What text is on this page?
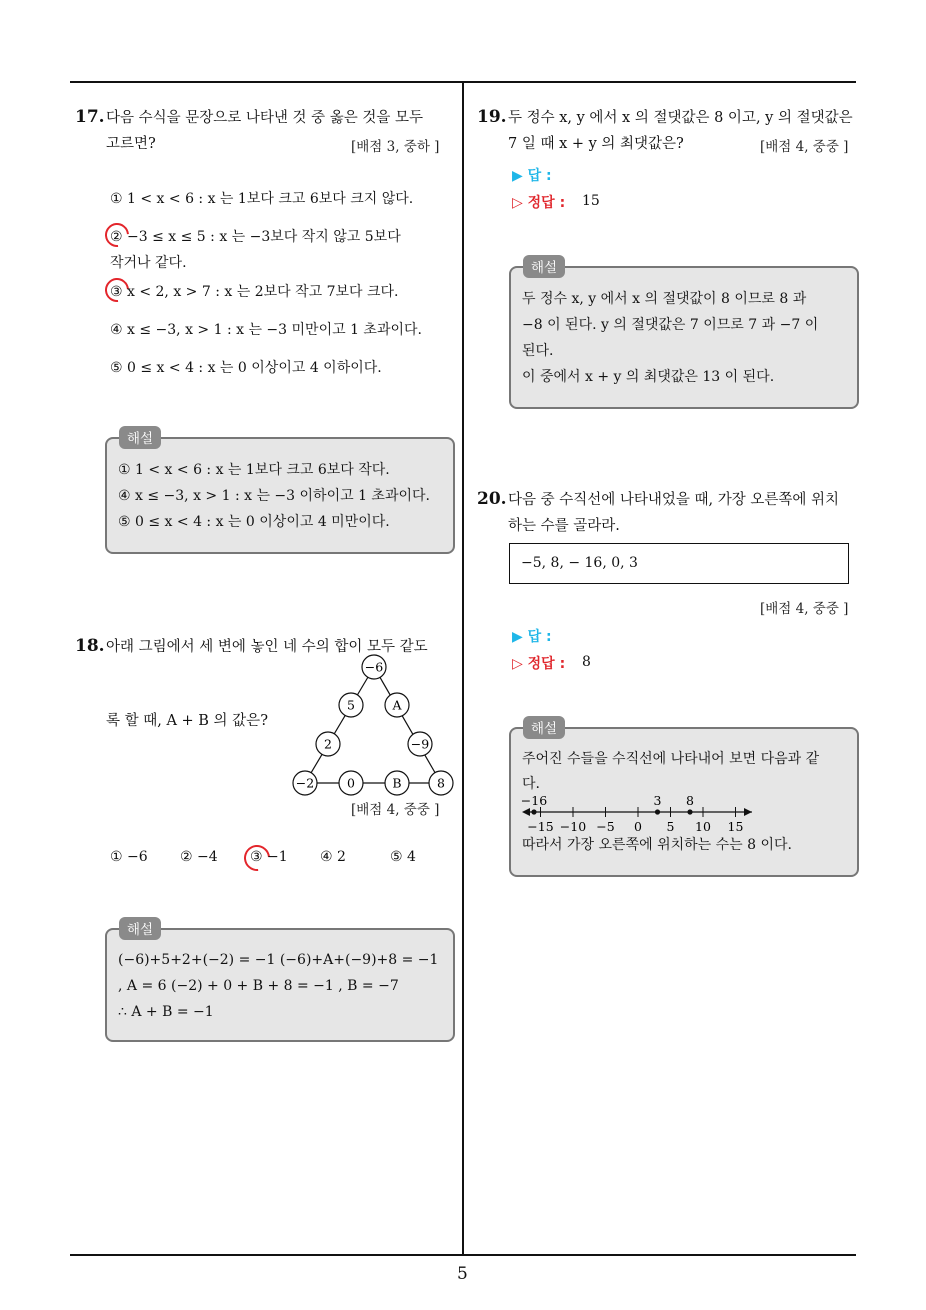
5
17. 다음 수식을 문장으로 나타낸 것 중 옳은 것을 모두
고르면?	[배점 3, 중하 ]
① 1 < x < 6 : x 는 1보다 크고 6보다 크지 않다.
② −3 ≤ x ≤ 5 : x 는 −3보다 작지 않고 5보다
작거나 같다.
③ x < 2, x > 7 : x 는 2보다 작고 7보다 크다.
④ x ≤ −3, x > 1 : x 는 −3 미만이고 1 초과이다.
⑤ 0 ≤ x < 4 : x 는 0 이상이고 4 이하이다.
해설
① 1 < x < 6 : x 는 1보다 크고 6보다 작다.
④ x ≤ −3, x > 1 : x 는 −3 이하이고 1 초과이다.
⑤ 0 ≤ x < 4 : x 는 0 이상이고 4 미만이다.
18. 아래 그림에서 세 변에 놓인 네 수의 합이 모두 같도
록 할 때, A + B 의 값은?
−6
5	A
2	−9
−2	0	B	8
[배점 4, 중중 ]
① −6 ② −4 ③ −1 ④ 2	⑤ 4
해설
(−6)+5+2+(−2) = −1 (−6)+A+(−9)+8 = −1
, A = 6 (−2) + 0 + B + 8 = −1 , B = −7
∴ A + B = −1
19. 두 정수 x, y 에서 x 의 절댓값은 8 이고, y 의 절댓값은
7 일 때 x + y 의 최댓값은?	[배점 4, 중중 ]
▶ 답 :
▷ 정답 : 15
해설
두 정수 x, y 에서 x 의 절댓값이 8 이므로 8 과
−8 이 된다. y 의 절댓값은 7 이므로 7 과 −7 이
된다.
이 중에서 x + y 의 최댓값은 13 이 된다.
20. 다음 중 수직선에 나타내었을 때, 가장 오른쪽에 위치
하는 수를 골라라.
−5, 8, − 16, 0, 3
[배점 4, 중중 ]
▶ 답 :
▷ 정답 : 8
해설
주어진 수들을 수직선에 나타내어 보면 다음과 같
다.
−15 −10 −5 0 5 10 15
−16	3 8
따라서 가장 오른쪽에 위치하는 수는 8 이다.
